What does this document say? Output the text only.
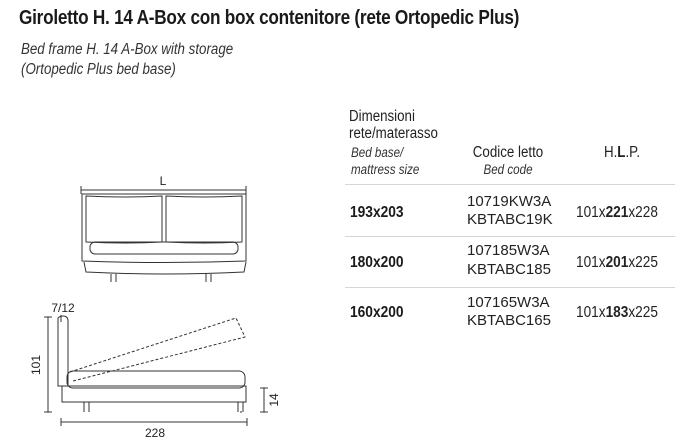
Giroletto H. 14 A-Box con box contenitore (rete Ortopedic Plus)
Bed frame H. 14 A-Box with storage
(Ortopedic Plus bed base)
Dimensioni
rete/materasso
Bed base/
mattress size
Codice letto
Bed code
H.L.P.
193x203
10719KW3A
KBTABC19K 101x221x228
180x200
107185W3A
KBTABC185 101x201x225
160x200
107165W3A
KBTABC165 101x183x225
L
7/12
101
14
228
